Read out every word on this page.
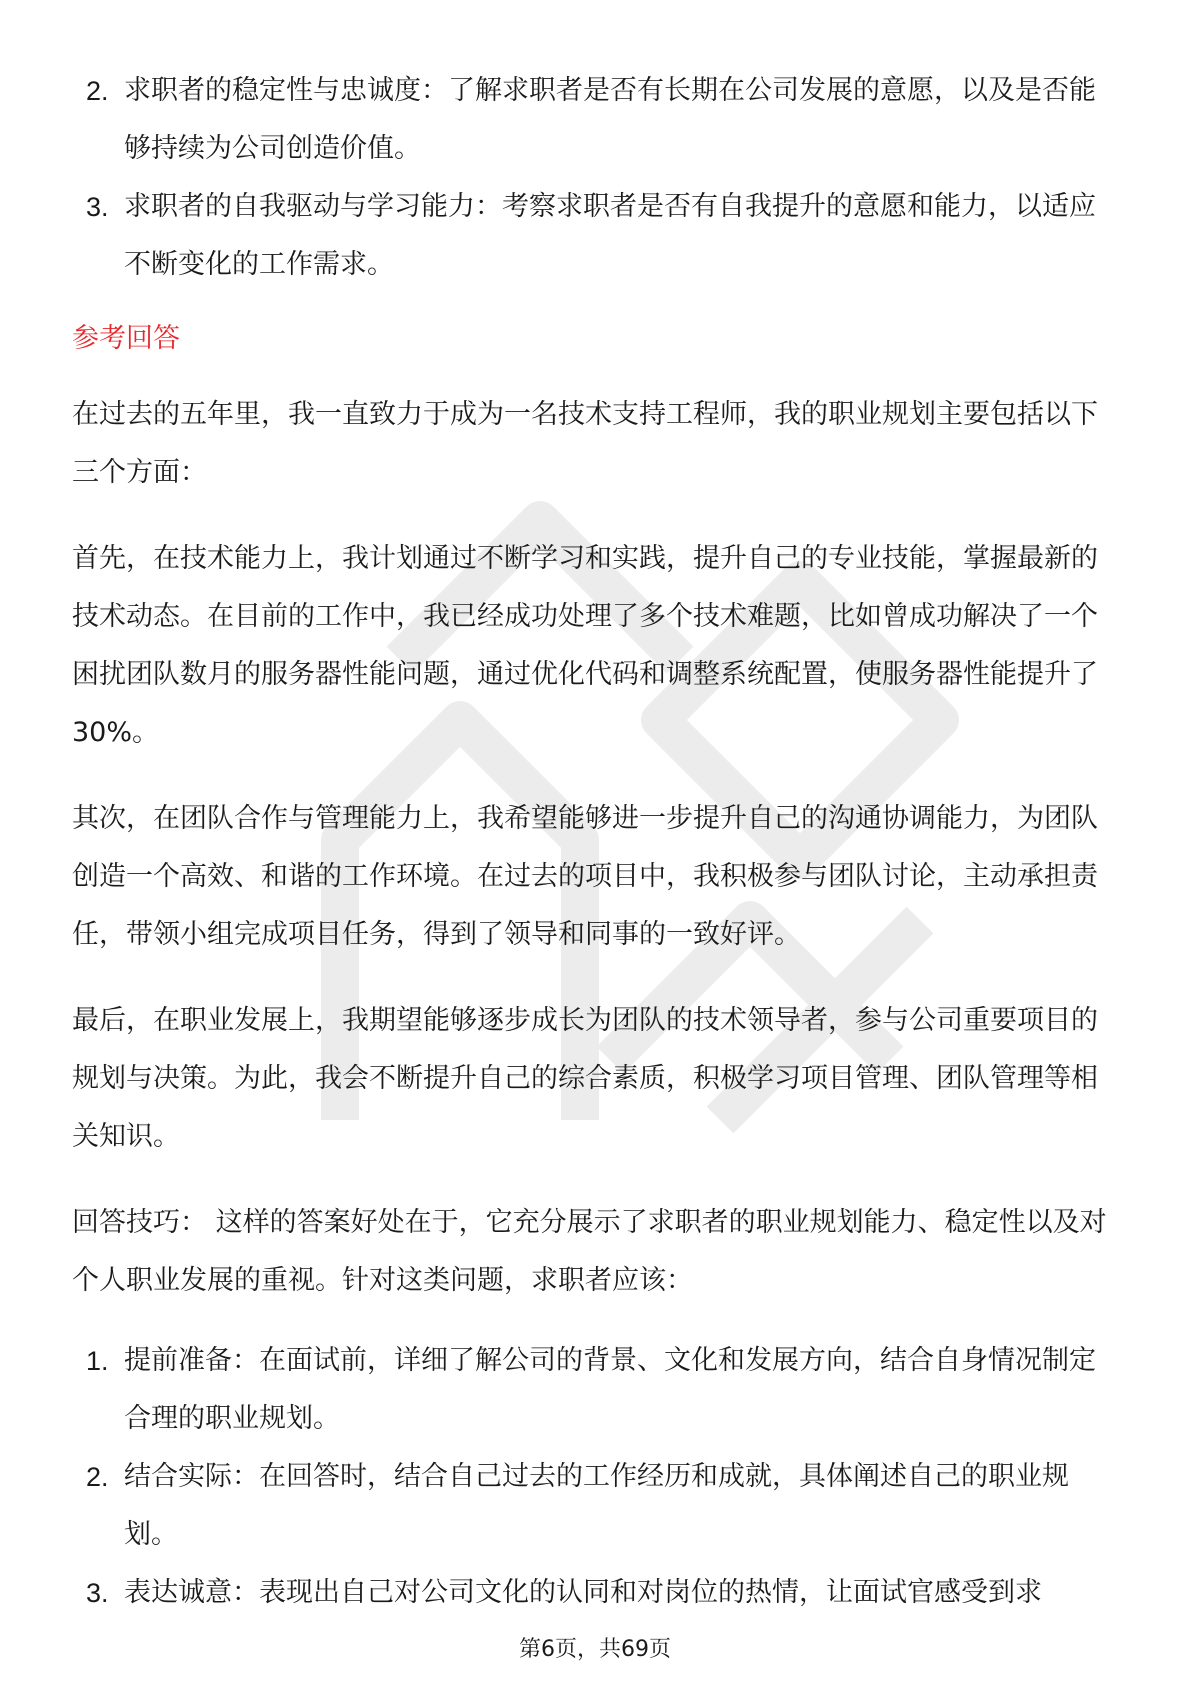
2. 求职者的稳定性与忠诚度：了解求职者是否有长期在公司发展的意愿，以及是否能够持续为公司创造价值。
3. 求职者的自我驱动与学习能力：考察求职者是否有自我提升的意愿和能力，以适应不断变化的工作需求。
参考回答

在过去的五年里，我一直致力于成为一名技术支持工程师，我的职业规划主要包括以下三个方面：

首先，在技术能力上，我计划通过不断学习和实践，提升自己的专业技能，掌握最新的技术动态。在目前的工作中，我已经成功处理了多个技术难题，比如曾成功解决了一个困扰团队数月的服务器性能问题，通过优化代码和调整系统配置，使服务器性能提升了30%。

其次，在团队合作与管理能力上，我希望能够进一步提升自己的沟通协调能力，为团队创造一个高效、和谐的工作环境。在过去的项目中，我积极参与团队讨论，主动承担责任，带领小组完成项目任务，得到了领导和同事的一致好评。

最后，在职业发展上，我期望能够逐步成长为团队的技术领导者，参与公司重要项目的规划与决策。为此，我会不断提升自己的综合素质，积极学习项目管理、团队管理等相关知识。

回答技巧： 这样的答案好处在于，它充分展示了求职者的职业规划能力、稳定性以及对个人职业发展的重视。针对这类问题，求职者应该：

1. 提前准备：在面试前，详细了解公司的背景、文化和发展方向，结合自身情况制定合理的职业规划。
2. 结合实际：在回答时，结合自己过去的工作经历和成就，具体阐述自己的职业规划。
3. 表达诚意：表现出自己对公司文化的认同和对岗位的热情，让面试官感受到求
第6页，共69页
